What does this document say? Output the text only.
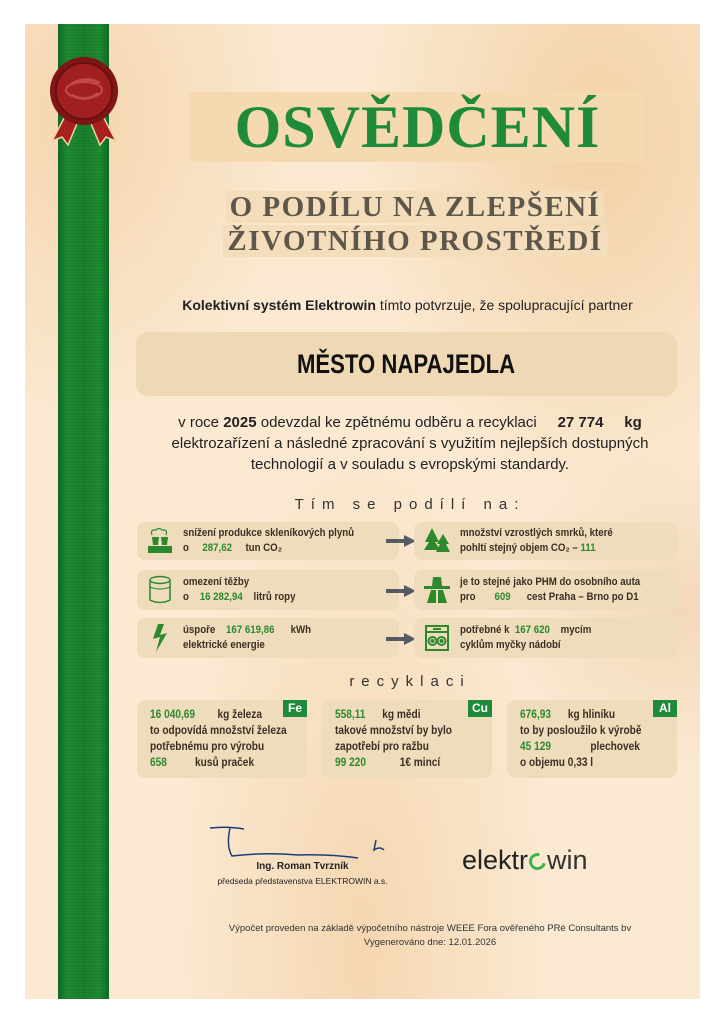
OSVĚDČENÍ
O PODÍLU NA ZLEPŠENÍ
ŽIVOTNÍHO PROSTŘEDÍ
Kolektivní systém Elektrowin tímto potvrzuje, že spolupracující partner
MĚSTO NAPAJEDLA
v roce 2025 odevzdal ke zpětnému odběru a recyklaci     27 774 kg
elektrozařízení a následné zpracování s využitím nejlepších dostupných
technologií a v souladu s evropskými standardy.
Tím se podílí na:
snížení produkce skleníkových plynů
o 287,62 tun CO₂
množství vzrostlých smrků, které
pohltí stejný objem CO₂ – 111
omezení těžby
o 16 282,94 litrů ropy
je to stejné jako PHM do osobního auta
pro 609 cest Praha – Brno po D1
úspoře 167 619,86 kWh
elektrické energie
potřebné k 167 620 mycím
cyklům myčky nádobí
recyklaci
Fe
16 040,69 kg železa
to odpovídá množství železa
potřebnému pro výrobu
658 kusů praček
Cu
558,11 kg mědi
takové množství by bylo
zapotřebí pro ražbu
99 220	1€ mincí
Al
676,93 kg hliníku
to by posloužilo k výrobě
45 129	plechovek
o objemu 0,33 l
Ing. Roman Tvrzník
předseda představenstva ELEKTROWIN a.s.
elektr win
Výpočet proveden na základě výpočetního nástroje WEEE Fora ověřeného PRé Consultants bv
Vygenerováno dne: 12.01.2026
